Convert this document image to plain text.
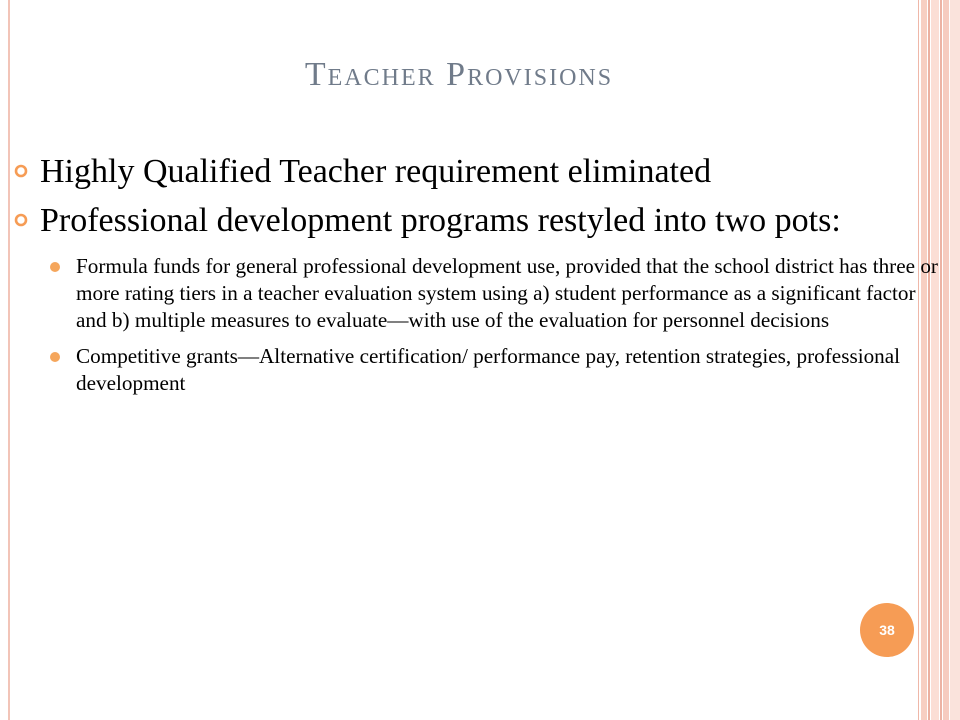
Teacher Provisions
Highly Qualified Teacher requirement eliminated
Professional development programs restyled into two pots:
Formula funds for general professional development use, provided that the school district has three or more rating tiers in a teacher evaluation system using a) student performance as a significant factor and b) multiple measures to evaluate—with use of the evaluation for personnel decisions
Competitive grants—Alternative certification/ performance pay, retention strategies, professional development
38
